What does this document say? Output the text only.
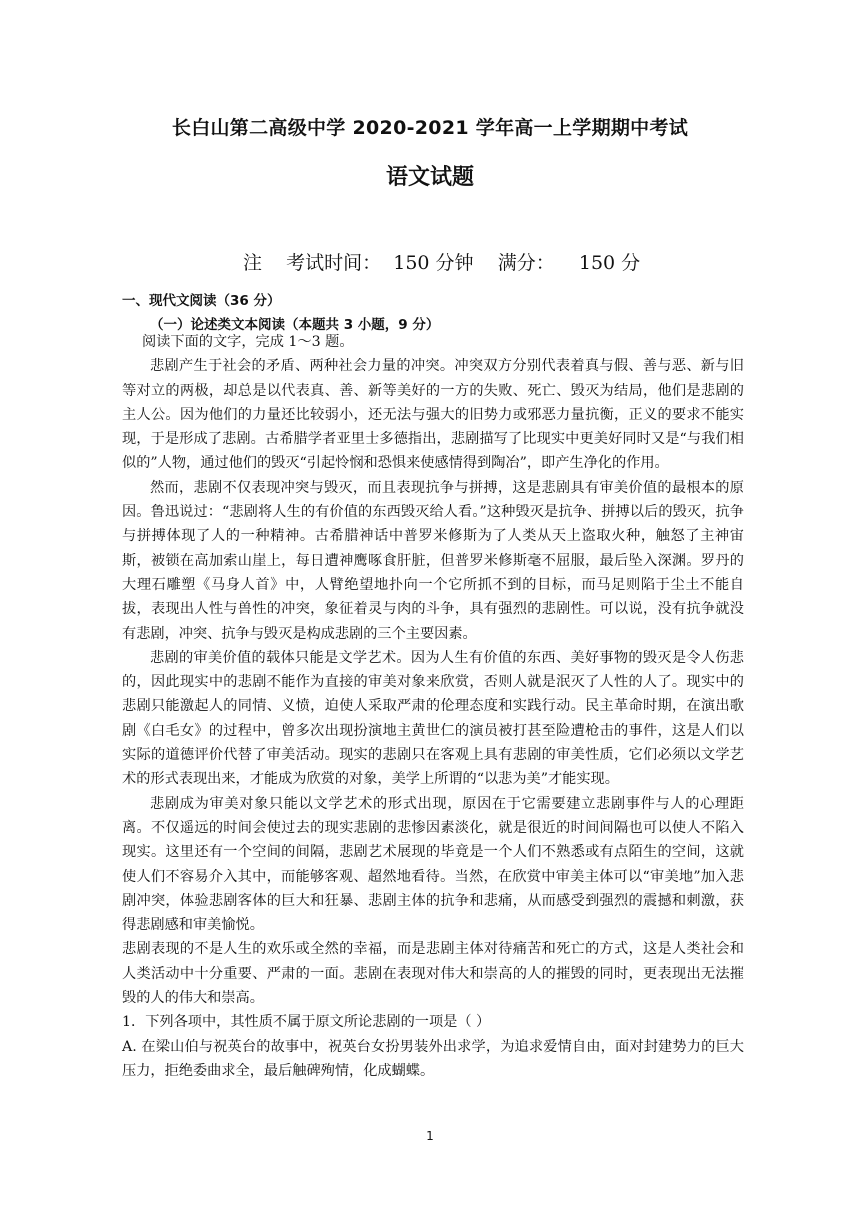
长白山第二高级中学 2020-2021 学年高一上学期期中考试
语文试题
注    考试时间：  150 分钟    满分：    150 分
一、现代文阅读（36 分）
（一）论述类文本阅读（本题共 3 小题，9 分）

阅读下面的文字，完成 1～3 题。

悲剧产生于社会的矛盾、两种社会力量的冲突。冲突双方分别代表着真与假、善与恶、新与旧等对立的两极，却总是以代表真、善、新等美好的一方的失败、死亡、毁灭为结局，他们是悲剧的主人公。因为他们的力量还比较弱小，还无法与强大的旧势力或邪恶力量抗衡，正义的要求不能实现，于是形成了悲剧。古希腊学者亚里士多德指出，悲剧描写了比现实中更美好同时又是“与我们相似的”人物，通过他们的毁灭“引起怜悯和恐惧来使感情得到陶冶”，即产生净化的作用。

然而，悲剧不仅表现冲突与毁灭，而且表现抗争与拼搏，这是悲剧具有审美价值的最根本的原因。鲁迅说过：“悲剧将人生的有价值的东西毁灭给人看。”这种毁灭是抗争、拼搏以后的毁灭，抗争与拼搏体现了人的一种精神。古希腊神话中普罗米修斯为了人类从天上盗取火种，触怒了主神宙斯，被锁在高加索山崖上，每日遭神鹰啄食肝脏，但普罗米修斯毫不屈服，最后坠入深渊。罗丹的大理石雕塑《马身人首》中，人臂绝望地扑向一个它所抓不到的目标，而马足则陷于尘土不能自拔，表现出人性与兽性的冲突，象征着灵与肉的斗争，具有强烈的悲剧性。可以说，没有抗争就没有悲剧，冲突、抗争与毁灭是构成悲剧的三个主要因素。

悲剧的审美价值的载体只能是文学艺术。因为人生有价值的东西、美好事物的毁灭是令人伤悲的，因此现实中的悲剧不能作为直接的审美对象来欣赏，否则人就是泯灭了人性的人了。现实中的悲剧只能激起人的同情、义愤，迫使人采取严肃的伦理态度和实践行动。民主革命时期，在演出歌剧《白毛女》的过程中，曾多次出现扮演地主黄世仁的演员被打甚至险遭枪击的事件，这是人们以实际的道德评价代替了审美活动。现实的悲剧只在客观上具有悲剧的审美性质，它们必须以文学艺术的形式表现出来，才能成为欣赏的对象，美学上所谓的“以悲为美”才能实现。

悲剧成为审美对象只能以文学艺术的形式出现，原因在于它需要建立悲剧事件与人的心理距离。不仅遥远的时间会使过去的现实悲剧的悲惨因素淡化，就是很近的时间间隔也可以使人不陷入现实。这里还有一个空间的间隔，悲剧艺术展现的毕竟是一个人们不熟悉或有点陌生的空间，这就使人们不容易介入其中，而能够客观、超然地看待。当然，在欣赏中审美主体可以“审美地”加入悲剧冲突，体验悲剧客体的巨大和狂暴、悲剧主体的抗争和悲痛，从而感受到强烈的震撼和刺激，获得悲剧感和审美愉悦。

悲剧表现的不是人生的欢乐或全然的幸福，而是悲剧主体对待痛苦和死亡的方式，这是人类社会和人类活动中十分重要、严肃的一面。悲剧在表现对伟大和崇高的人的摧毁的同时，更表现出无法摧毁的人的伟大和崇高。

1．下列各项中，其性质不属于原文所论悲剧的一项是（ ）

A. 在梁山伯与祝英台的故事中，祝英台女扮男装外出求学，为追求爱情自由，面对封建势力的巨大压力，拒绝委曲求全，最后触碑殉情，化成蝴蝶。

1
